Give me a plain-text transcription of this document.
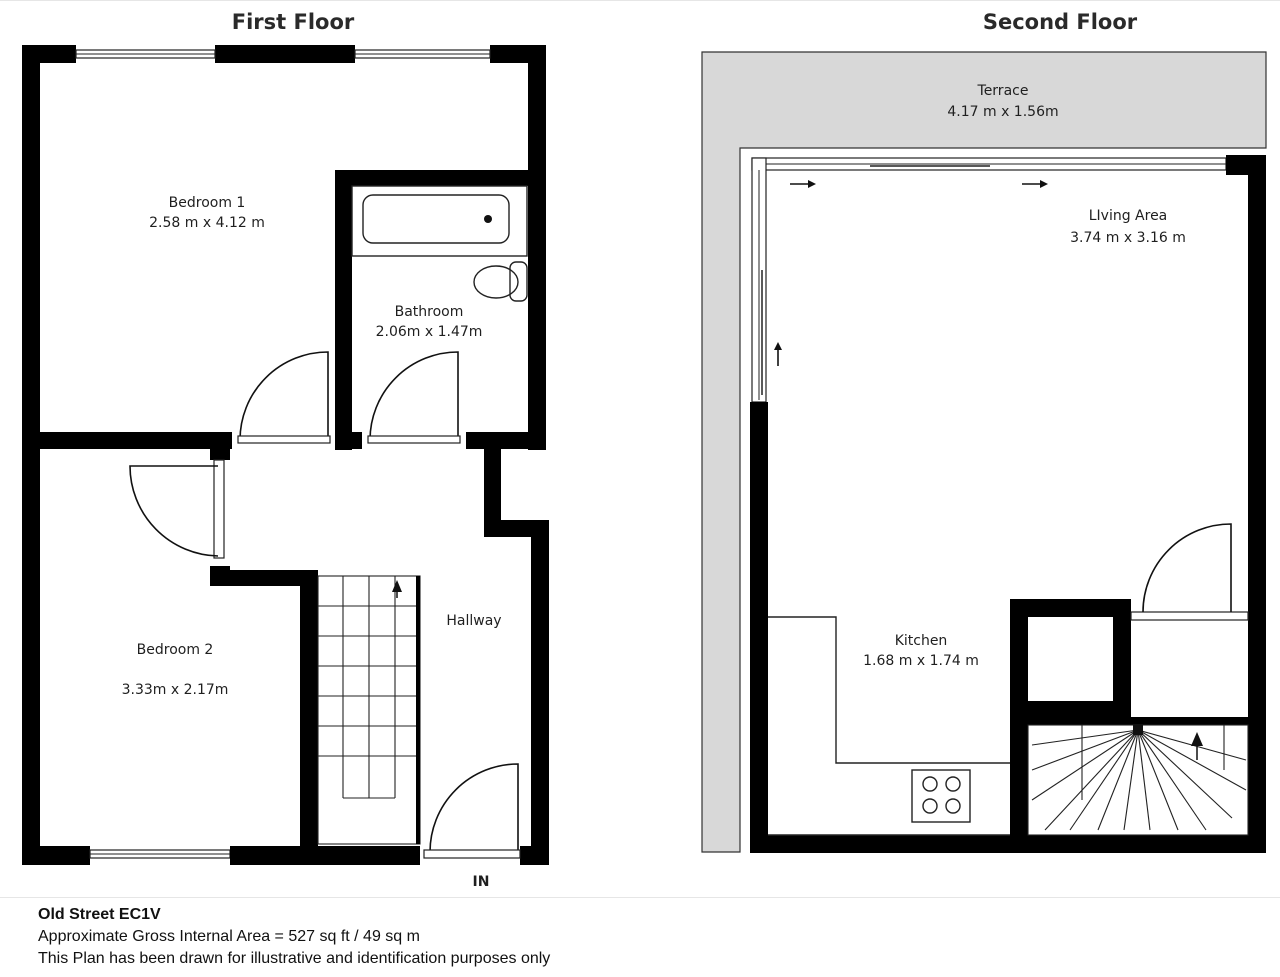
First Floor
Bedroom 1
2.58 m x 4.12 m
Bathroom
2.06m x 1.47m
Bedroom 2
3.33m x 2.17m
Hallway
IN
Second Floor
Terrace
4.17 m x 1.56m
LIving Area
3.74 m x 3.16 m
Kitchen
1.68 m x 1.74 m
Old Street EC1V
Approximate Gross Internal Area = 527 sq ft / 49 sq m
This Plan has been drawn for illustrative and identification purposes only
